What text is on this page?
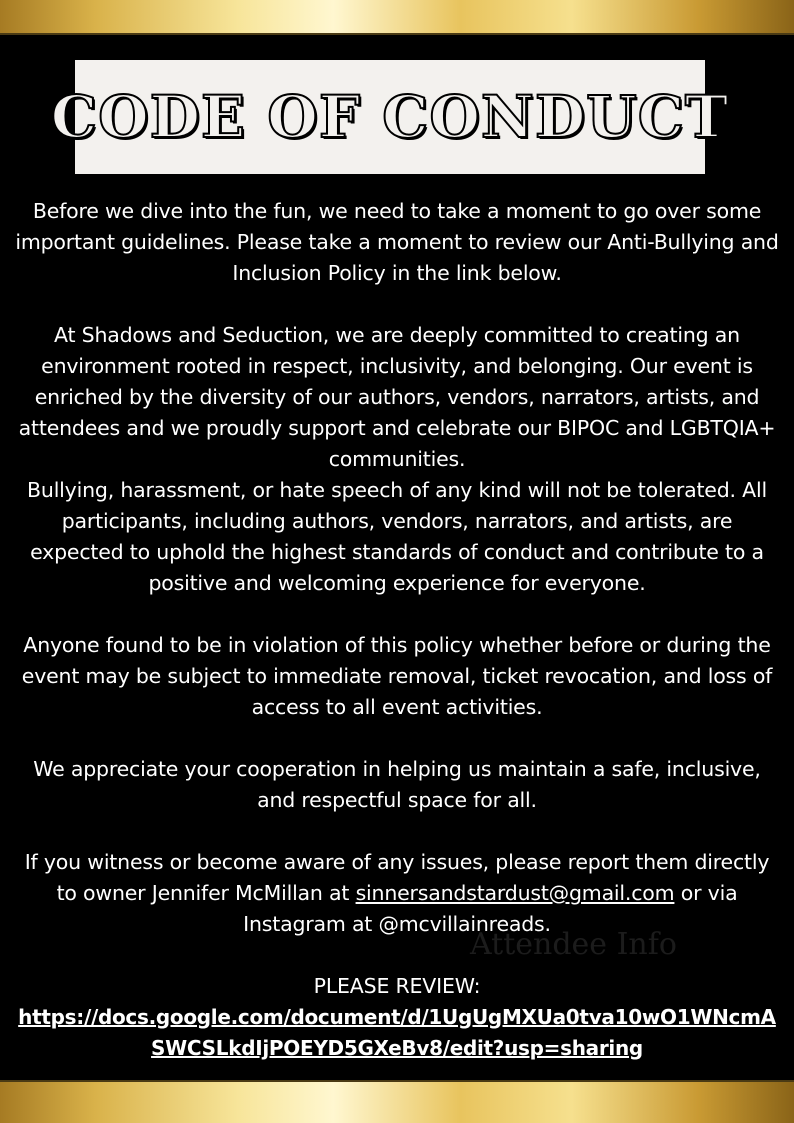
CODE OF CONDUCT

Before we dive into the fun, we need to take a moment to go over some important guidelines. Please take a moment to review our Anti-Bullying and Inclusion Policy in the link below.

At Shadows and Seduction, we are deeply committed to creating an environment rooted in respect, inclusivity, and belonging. Our event is enriched by the diversity of our authors, vendors, narrators, artists, and attendees and we proudly support and celebrate our BIPOC and LGBTQIA+ communities.

Bullying, harassment, or hate speech of any kind will not be tolerated. All participants, including authors, vendors, narrators, and artists, are expected to uphold the highest standards of conduct and contribute to a positive and welcoming experience for everyone.

Anyone found to be in violation of this policy whether before or during the event may be subject to immediate removal, ticket revocation, and loss of access to all event activities.

We appreciate your cooperation in helping us maintain a safe, inclusive, and respectful space for all.

If you witness or become aware of any issues, please report them directly to owner Jennifer McMillan at sinnersandstardust@gmail.com or via Instagram at @mcvillainreads.

PLEASE REVIEW:

https://docs.google.com/document/d/1UgUgMXUa0tva10wO1WNcmASWCSLkdIjPOEYD5GXeBv8/edit?usp=sharing

Attendee Info
